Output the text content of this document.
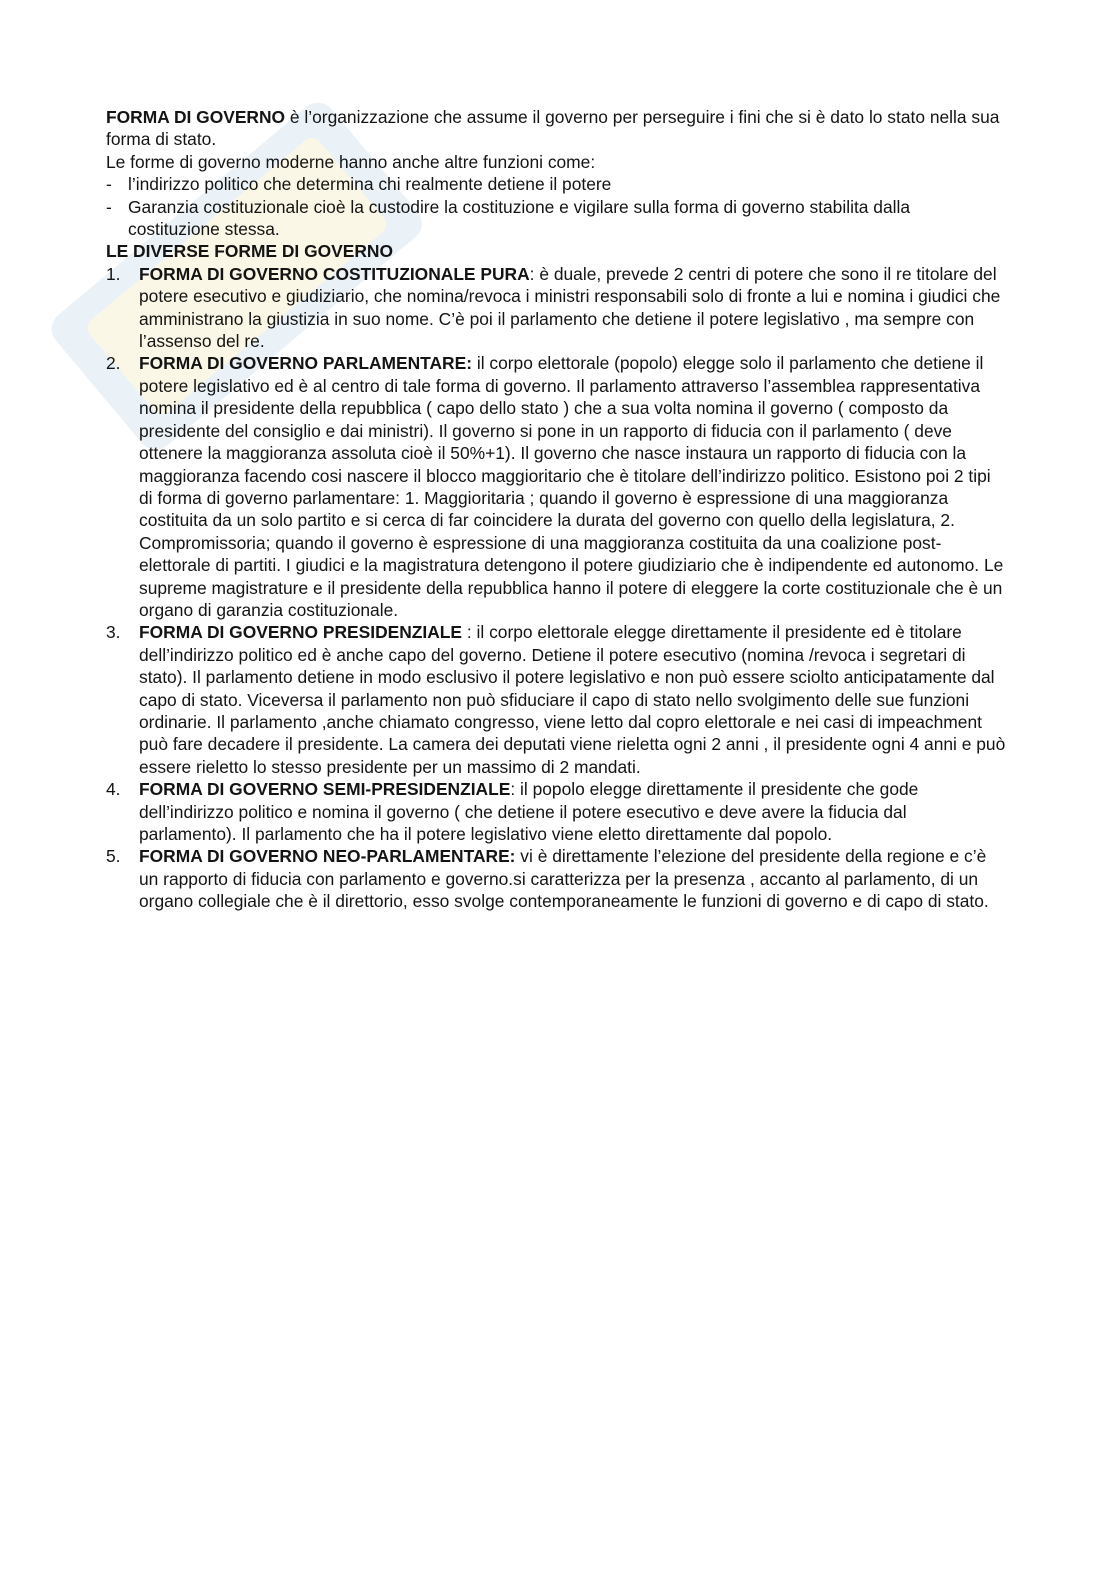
FORMA DI GOVERNO è l’organizzazione che assume il governo per perseguire i fini che si è dato lo stato nella sua forma di stato.

Le forme di governo moderne hanno anche altre funzioni come:

- l’indirizzo politico che determina chi realmente detiene il potere
- Garanzia costituzionale cioè la custodire la costituzione e vigilare sulla forma di governo stabilita dalla costituzione stessa.

LE DIVERSE FORME DI GOVERNO

1. FORMA DI GOVERNO COSTITUZIONALE PURA: è duale, prevede 2 centri di potere che sono il re titolare del potere esecutivo e giudiziario, che nomina/revoca i ministri responsabili solo di fronte a lui e nomina i giudici che amministrano la giustizia in suo nome. C’è poi il parlamento che detiene il potere legislativo , ma sempre con l’assenso del re.
2. FORMA DI GOVERNO PARLAMENTARE: il corpo elettorale (popolo) elegge solo il parlamento che detiene il potere legislativo ed è al centro di tale forma di governo. Il parlamento attraverso l’assemblea rappresentativa nomina il presidente della repubblica ( capo dello stato ) che a sua volta nomina il governo ( composto da presidente del consiglio e dai ministri). Il governo si pone in un rapporto di fiducia con il parlamento ( deve ottenere la maggioranza assoluta cioè il 50%+1). Il governo che nasce instaura un rapporto di fiducia con la maggioranza facendo cosi nascere il blocco maggioritario che è titolare dell’indirizzo politico. Esistono poi 2 tipi di forma di governo parlamentare: 1. Maggioritaria ; quando il governo è espressione di una maggioranza costituita da un solo partito e si cerca di far coincidere la durata del governo con quello della legislatura, 2. Compromissoria; quando il governo è espressione di una maggioranza costituita da una coalizione post-elettorale di partiti. I giudici e la magistratura detengono il potere giudiziario che è indipendente ed autonomo. Le supreme magistrature e il presidente della repubblica hanno il potere di eleggere la corte costituzionale che è un organo di garanzia costituzionale.
3. FORMA DI GOVERNO PRESIDENZIALE : il corpo elettorale elegge direttamente il presidente ed è titolare dell’indirizzo politico ed è anche capo del governo. Detiene il potere esecutivo (nomina /revoca i segretari di stato). Il parlamento detiene in modo esclusivo il potere legislativo e non può essere sciolto anticipatamente dal capo di stato. Viceversa il parlamento non può sfiduciare il capo di stato nello svolgimento delle sue funzioni ordinarie. Il parlamento ,anche chiamato congresso, viene letto dal copro elettorale e nei casi di impeachment può fare decadere il presidente. La camera dei deputati viene rieletta ogni 2 anni , il presidente ogni 4 anni e può essere rieletto lo stesso presidente per un massimo di 2 mandati.
4. FORMA DI GOVERNO SEMI-PRESIDENZIALE: il popolo elegge direttamente il presidente che gode dell’indirizzo politico e nomina il governo ( che detiene il potere esecutivo e deve avere la fiducia dal parlamento). Il parlamento che ha il potere legislativo viene eletto direttamente dal popolo.
5. FORMA DI GOVERNO NEO-PARLAMENTARE: vi è direttamente l’elezione del presidente della regione e c’è un rapporto di fiducia con parlamento e governo.si caratterizza per la presenza , accanto al parlamento, di un organo collegiale che è il direttorio, esso svolge contemporaneamente le funzioni di governo e di capo di stato.
